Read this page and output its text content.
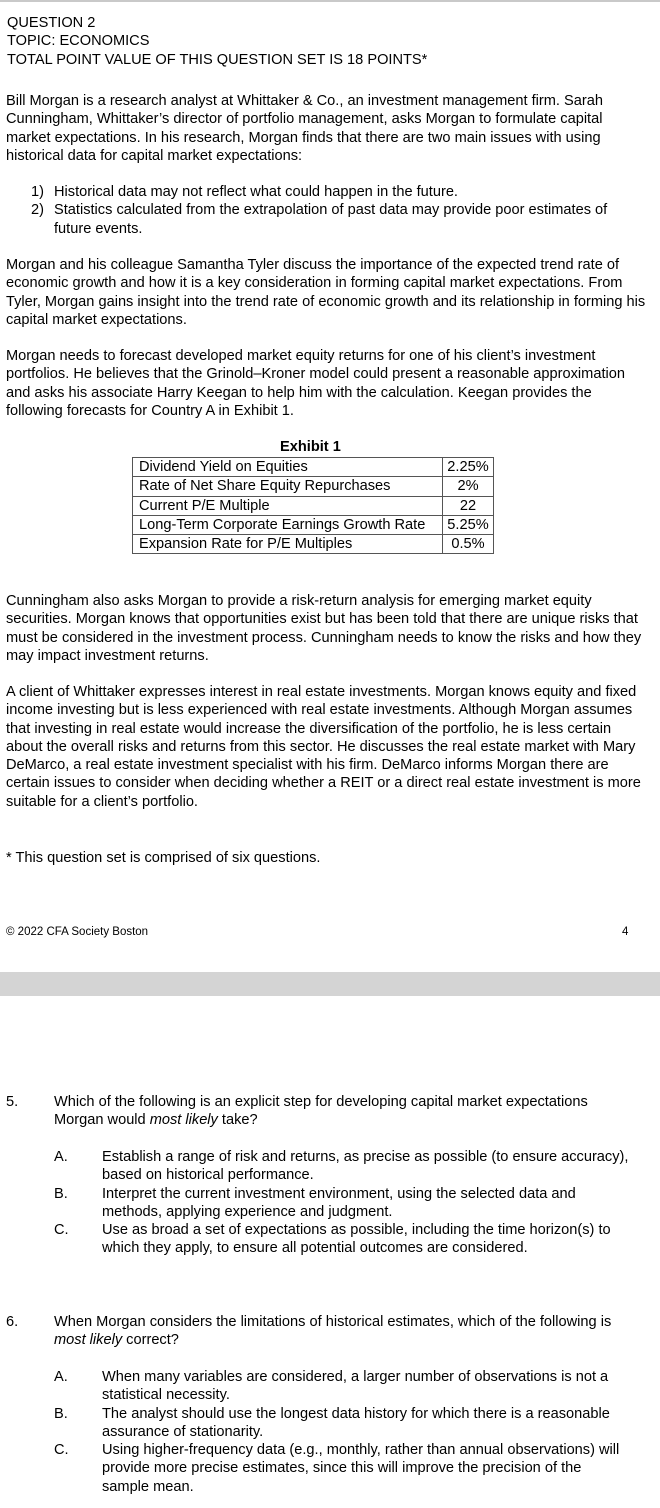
QUESTION 2
TOPIC: ECONOMICS
TOTAL POINT VALUE OF THIS QUESTION SET IS 18 POINTS*
Bill Morgan is a research analyst at Whittaker & Co., an investment management firm. Sarah Cunningham, Whittaker’s director of portfolio management, asks Morgan to formulate capital market expectations. In his research, Morgan finds that there are two main issues with using historical data for capital market expectations:
1) Historical data may not reflect what could happen in the future.
2) Statistics calculated from the extrapolation of past data may provide poor estimates of future events.
Morgan and his colleague Samantha Tyler discuss the importance of the expected trend rate of economic growth and how it is a key consideration in forming capital market expectations. From Tyler, Morgan gains insight into the trend rate of economic growth and its relationship in forming his capital market expectations.
Morgan needs to forecast developed market equity returns for one of his client’s investment portfolios. He believes that the Grinold–Kroner model could present a reasonable approximation and asks his associate Harry Keegan to help him with the calculation. Keegan provides the following forecasts for Country A in Exhibit 1.
Exhibit 1
Dividend Yield on Equities	2.25%
Rate of Net Share Equity Repurchases	2%
Current P/E Multiple	22
Long-Term Corporate Earnings Growth Rate	5.25%
Expansion Rate for P/E Multiples	0.5%
Cunningham also asks Morgan to provide a risk-return analysis for emerging market equity securities. Morgan knows that opportunities exist but has been told that there are unique risks that must be considered in the investment process. Cunningham needs to know the risks and how they may impact investment returns.
A client of Whittaker expresses interest in real estate investments. Morgan knows equity and fixed income investing but is less experienced with real estate investments. Although Morgan assumes that investing in real estate would increase the diversification of the portfolio, he is less certain about the overall risks and returns from this sector. He discusses the real estate market with Mary DeMarco, a real estate investment specialist with his firm. DeMarco informs Morgan there are certain issues to consider when deciding whether a REIT or a direct real estate investment is more suitable for a client’s portfolio.
* This question set is comprised of six questions.
© 2022 CFA Society Boston	4
5. Which of the following is an explicit step for developing capital market expectations Morgan would most likely take?
A. Establish a range of risk and returns, as precise as possible (to ensure accuracy), based on historical performance.
B. Interpret the current investment environment, using the selected data and methods, applying experience and judgment.
C. Use as broad a set of expectations as possible, including the time horizon(s) to which they apply, to ensure all potential outcomes are considered.
6. When Morgan considers the limitations of historical estimates, which of the following is most likely correct?
A. When many variables are considered, a larger number of observations is not a statistical necessity.
B. The analyst should use the longest data history for which there is a reasonable assurance of stationarity.
C. Using higher-frequency data (e.g., monthly, rather than annual observations) will provide more precise estimates, since this will improve the precision of the sample mean.
